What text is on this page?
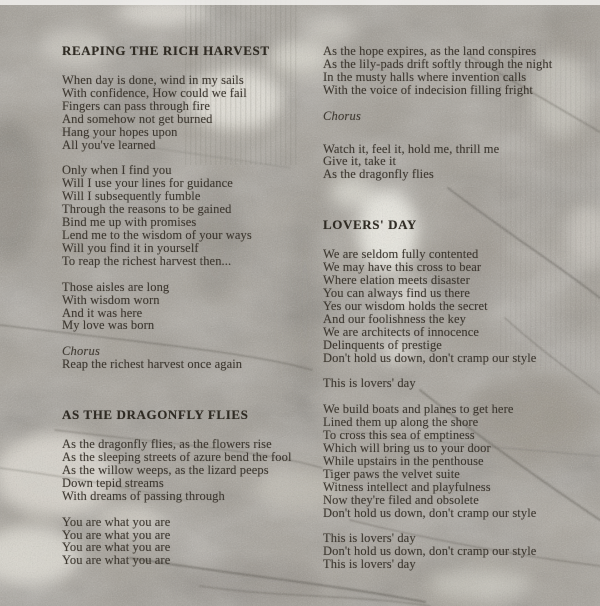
REAPING THE RICH HARVEST
When day is done, wind in my sails
With confidence, How could we fail
Fingers can pass through fire
And somehow not get burned
Hang your hopes upon
All you've learned
Only when I find you
Will I use your lines for guidance
Will I subsequently fumble
Through the reasons to be gained
Bind me up with promises
Lend me to the wisdom of your ways
Will you find it in yourself
To reap the richest harvest then...
Those aisles are long
With wisdom worn
And it was here
My love was born
Chorus
Reap the richest harvest once again
AS THE DRAGONFLY FLIES
As the dragonfly flies, as the flowers rise
As the sleeping streets of azure bend the fool
As the willow weeps, as the lizard peeps
Down tepid streams
With dreams of passing through
You are what you are
You are what you are
You are what you are
You are what you are
As the hope expires, as the land conspires
As the lily-pads drift softly through the night
In the musty halls where invention calls
With the voice of indecision filling fright
Chorus
Watch it, feel it, hold me, thrill me
Give it, take it
As the dragonfly flies
LOVERS' DAY
We are seldom fully contented
We may have this cross to bear
Where elation meets disaster
You can always find us there
Yes our wisdom holds the secret
And our foolishness the key
We are architects of innocence
Delinquents of prestige
Don't hold us down, don't cramp our style
This is lovers' day
We build boats and planes to get here
Lined them up along the shore
To cross this sea of emptiness
Which will bring us to your door
While upstairs in the penthouse
Tiger paws the velvet suite
Witness intellect and playfulness
Now they're filed and obsolete
Don't hold us down, don't cramp our style
This is lovers' day
Don't hold us down, don't cramp our style
This is lovers' day
